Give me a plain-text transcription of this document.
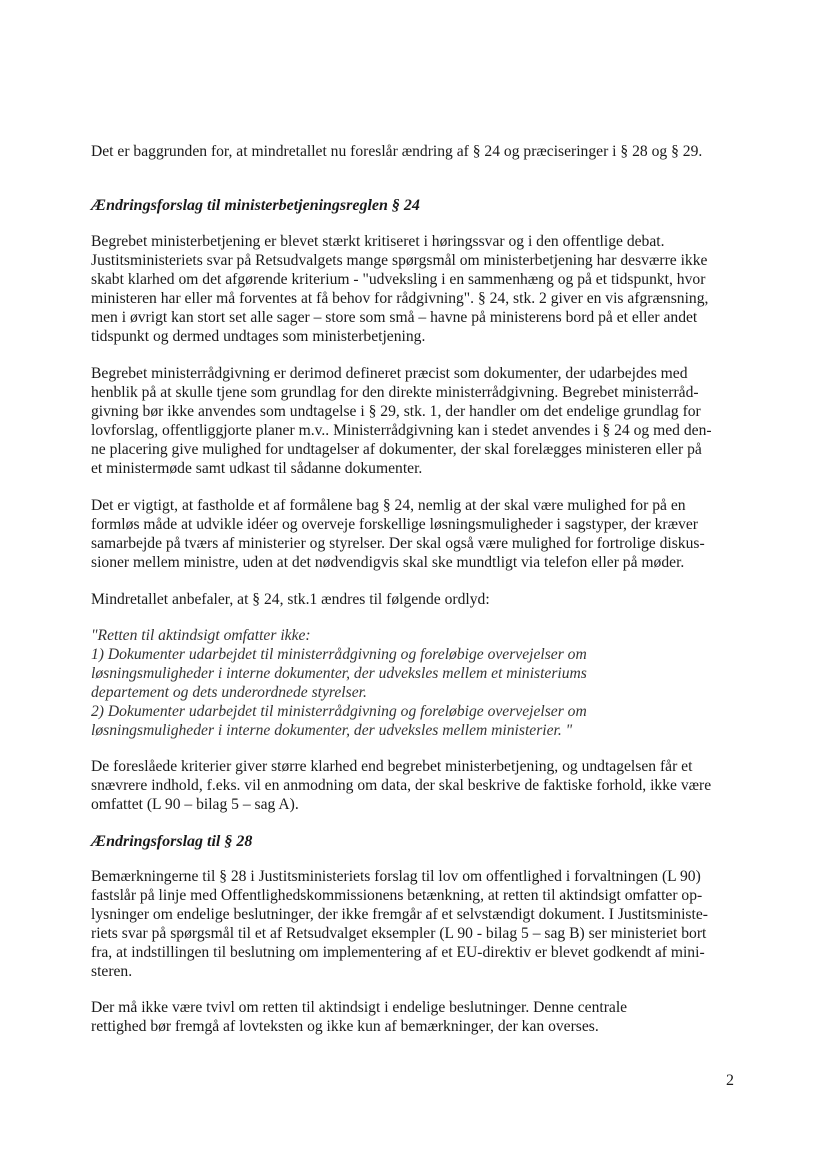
Det er baggrunden for, at mindretallet nu foreslår ændring af § 24 og præciseringer i § 28 og § 29.
Ændringsforslag til ministerbetjeningsreglen § 24
Begrebet ministerbetjening er blevet stærkt kritiseret i høringssvar og i den offentlige debat.
Justitsministeriets svar på Retsudvalgets mange spørgsmål om ministerbetjening har desværre ikke
skabt klarhed om det afgørende kriterium - "udveksling i en sammenhæng og på et tidspunkt, hvor
ministeren har eller må forventes at få behov for rådgivning". § 24, stk. 2 giver en vis afgrænsning,
men i øvrigt kan stort set alle sager – store som små – havne på ministerens bord på et eller andet
tidspunkt og dermed undtages som ministerbetjening.
Begrebet ministerrådgivning er derimod defineret præcist som dokumenter, der udarbejdes med
henblik på at skulle tjene som grundlag for den direkte ministerrådgivning. Begrebet ministerråd-
givning bør ikke anvendes som undtagelse i § 29, stk. 1, der handler om det endelige grundlag for
lovforslag, offentliggjorte planer m.v.. Ministerrådgivning kan i stedet anvendes i § 24 og med den-
ne placering give mulighed for undtagelser af dokumenter, der skal forelægges ministeren eller på
et ministermøde samt udkast til sådanne dokumenter.
Det er vigtigt, at fastholde et af formålene bag § 24, nemlig at der skal være mulighed for på en
formløs måde at udvikle idéer og overveje forskellige løsningsmuligheder i sagstyper, der kræver
samarbejde på tværs af ministerier og styrelser. Der skal også være mulighed for fortrolige diskus-
sioner mellem ministre, uden at det nødvendigvis skal ske mundtligt via telefon eller på møder.
Mindretallet anbefaler, at § 24, stk.1 ændres til følgende ordlyd:
"Retten til aktindsigt omfatter ikke:
1) Dokumenter udarbejdet til ministerrådgivning og foreløbige overvejelser om
løsningsmuligheder i interne dokumenter, der udveksles mellem et ministeriums
departement og dets underordnede styrelser.
2) Dokumenter udarbejdet til ministerrådgivning og foreløbige overvejelser om
løsningsmuligheder i interne dokumenter, der udveksles mellem ministerier. "
De foreslåede kriterier giver større klarhed end begrebet ministerbetjening, og undtagelsen får et
snævrere indhold, f.eks. vil en anmodning om data, der skal beskrive de faktiske forhold, ikke være
omfattet (L 90 – bilag 5 – sag A).
Ændringsforslag til § 28
Bemærkningerne til § 28 i Justitsministeriets forslag til lov om offentlighed i forvaltningen (L 90)
fastslår på linje med Offentlighedskommissionens betænkning, at retten til aktindsigt omfatter op-
lysninger om endelige beslutninger, der ikke fremgår af et selvstændigt dokument. I Justitsministe-
riets svar på spørgsmål til et af Retsudvalget eksempler (L 90 - bilag 5 – sag B) ser ministeriet bort
fra, at indstillingen til beslutning om implementering af et EU-direktiv er blevet godkendt af mini-
steren.
Der må ikke være tvivl om retten til aktindsigt i endelige beslutninger. Denne centrale
rettighed bør fremgå af lovteksten og ikke kun af bemærkninger, der kan overses.
2
